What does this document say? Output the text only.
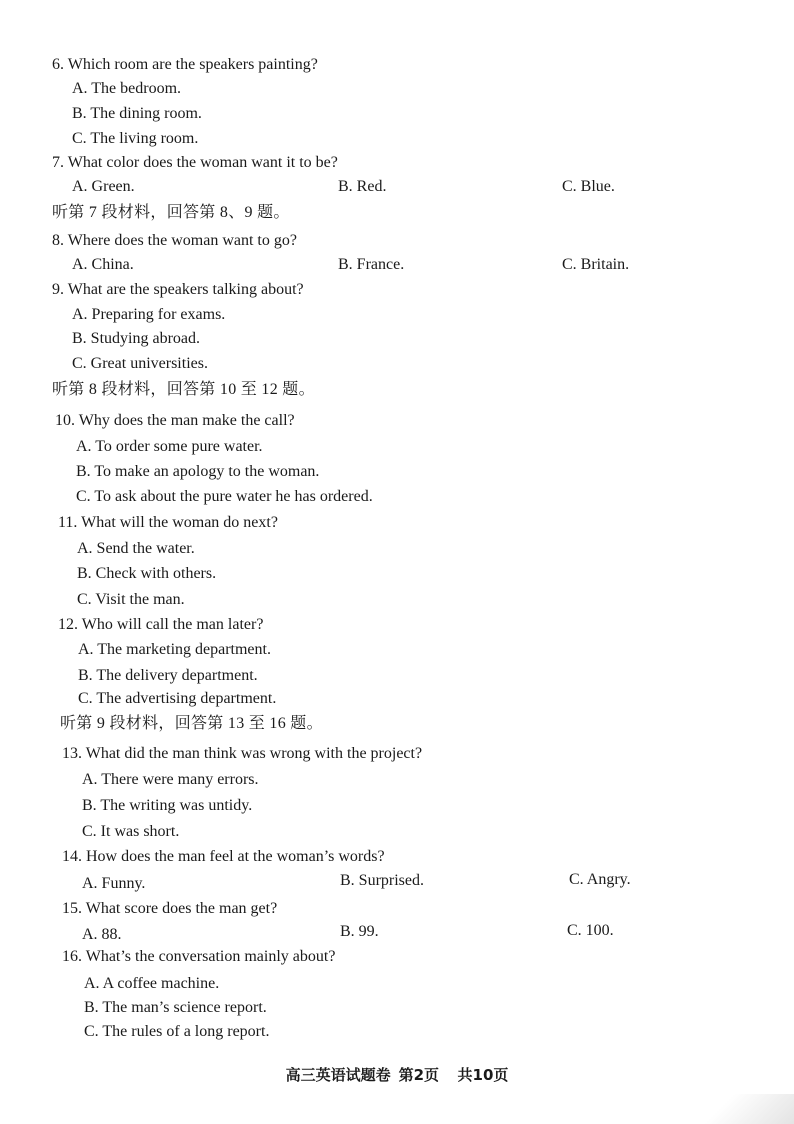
6. Which room are the speakers painting?
A. The bedroom.
B. The dining room.
C. The living room.
7. What color does the woman want it to be?
A. Green.	B. Red.	C. Blue.
听第 7 段材料，回答第 8、9 题。
8. Where does the woman want to go?
A. China.	B. France.	C. Britain.
9. What are the speakers talking about?
A. Preparing for exams.
B. Studying abroad.
C. Great universities.
听第 8 段材料，回答第 10 至 12 题。
10. Why does the man make the call?
A. To order some pure water.
B. To make an apology to the woman.
C. To ask about the pure water he has ordered.
11. What will the woman do next?
A. Send the water.
B. Check with others.
C. Visit the man.
12. Who will call the man later?
A. The marketing department.
B. The delivery department.
C. The advertising department.
听第 9 段材料，回答第 13 至 16 题。
13. What did the man think was wrong with the project?
A. There were many errors.
B. The writing was untidy.
C. It was short.
14. How does the man feel at the woman’s words?
A. Funny.	B. Surprised.	C. Angry.
15. What score does the man get?
A. 88.	B. 99.	C. 100.
16. What’s the conversation mainly about?
A. A coffee machine.
B. The man’s science report.
C. The rules of a long report.
高三英语试题卷 第2页 共10页
